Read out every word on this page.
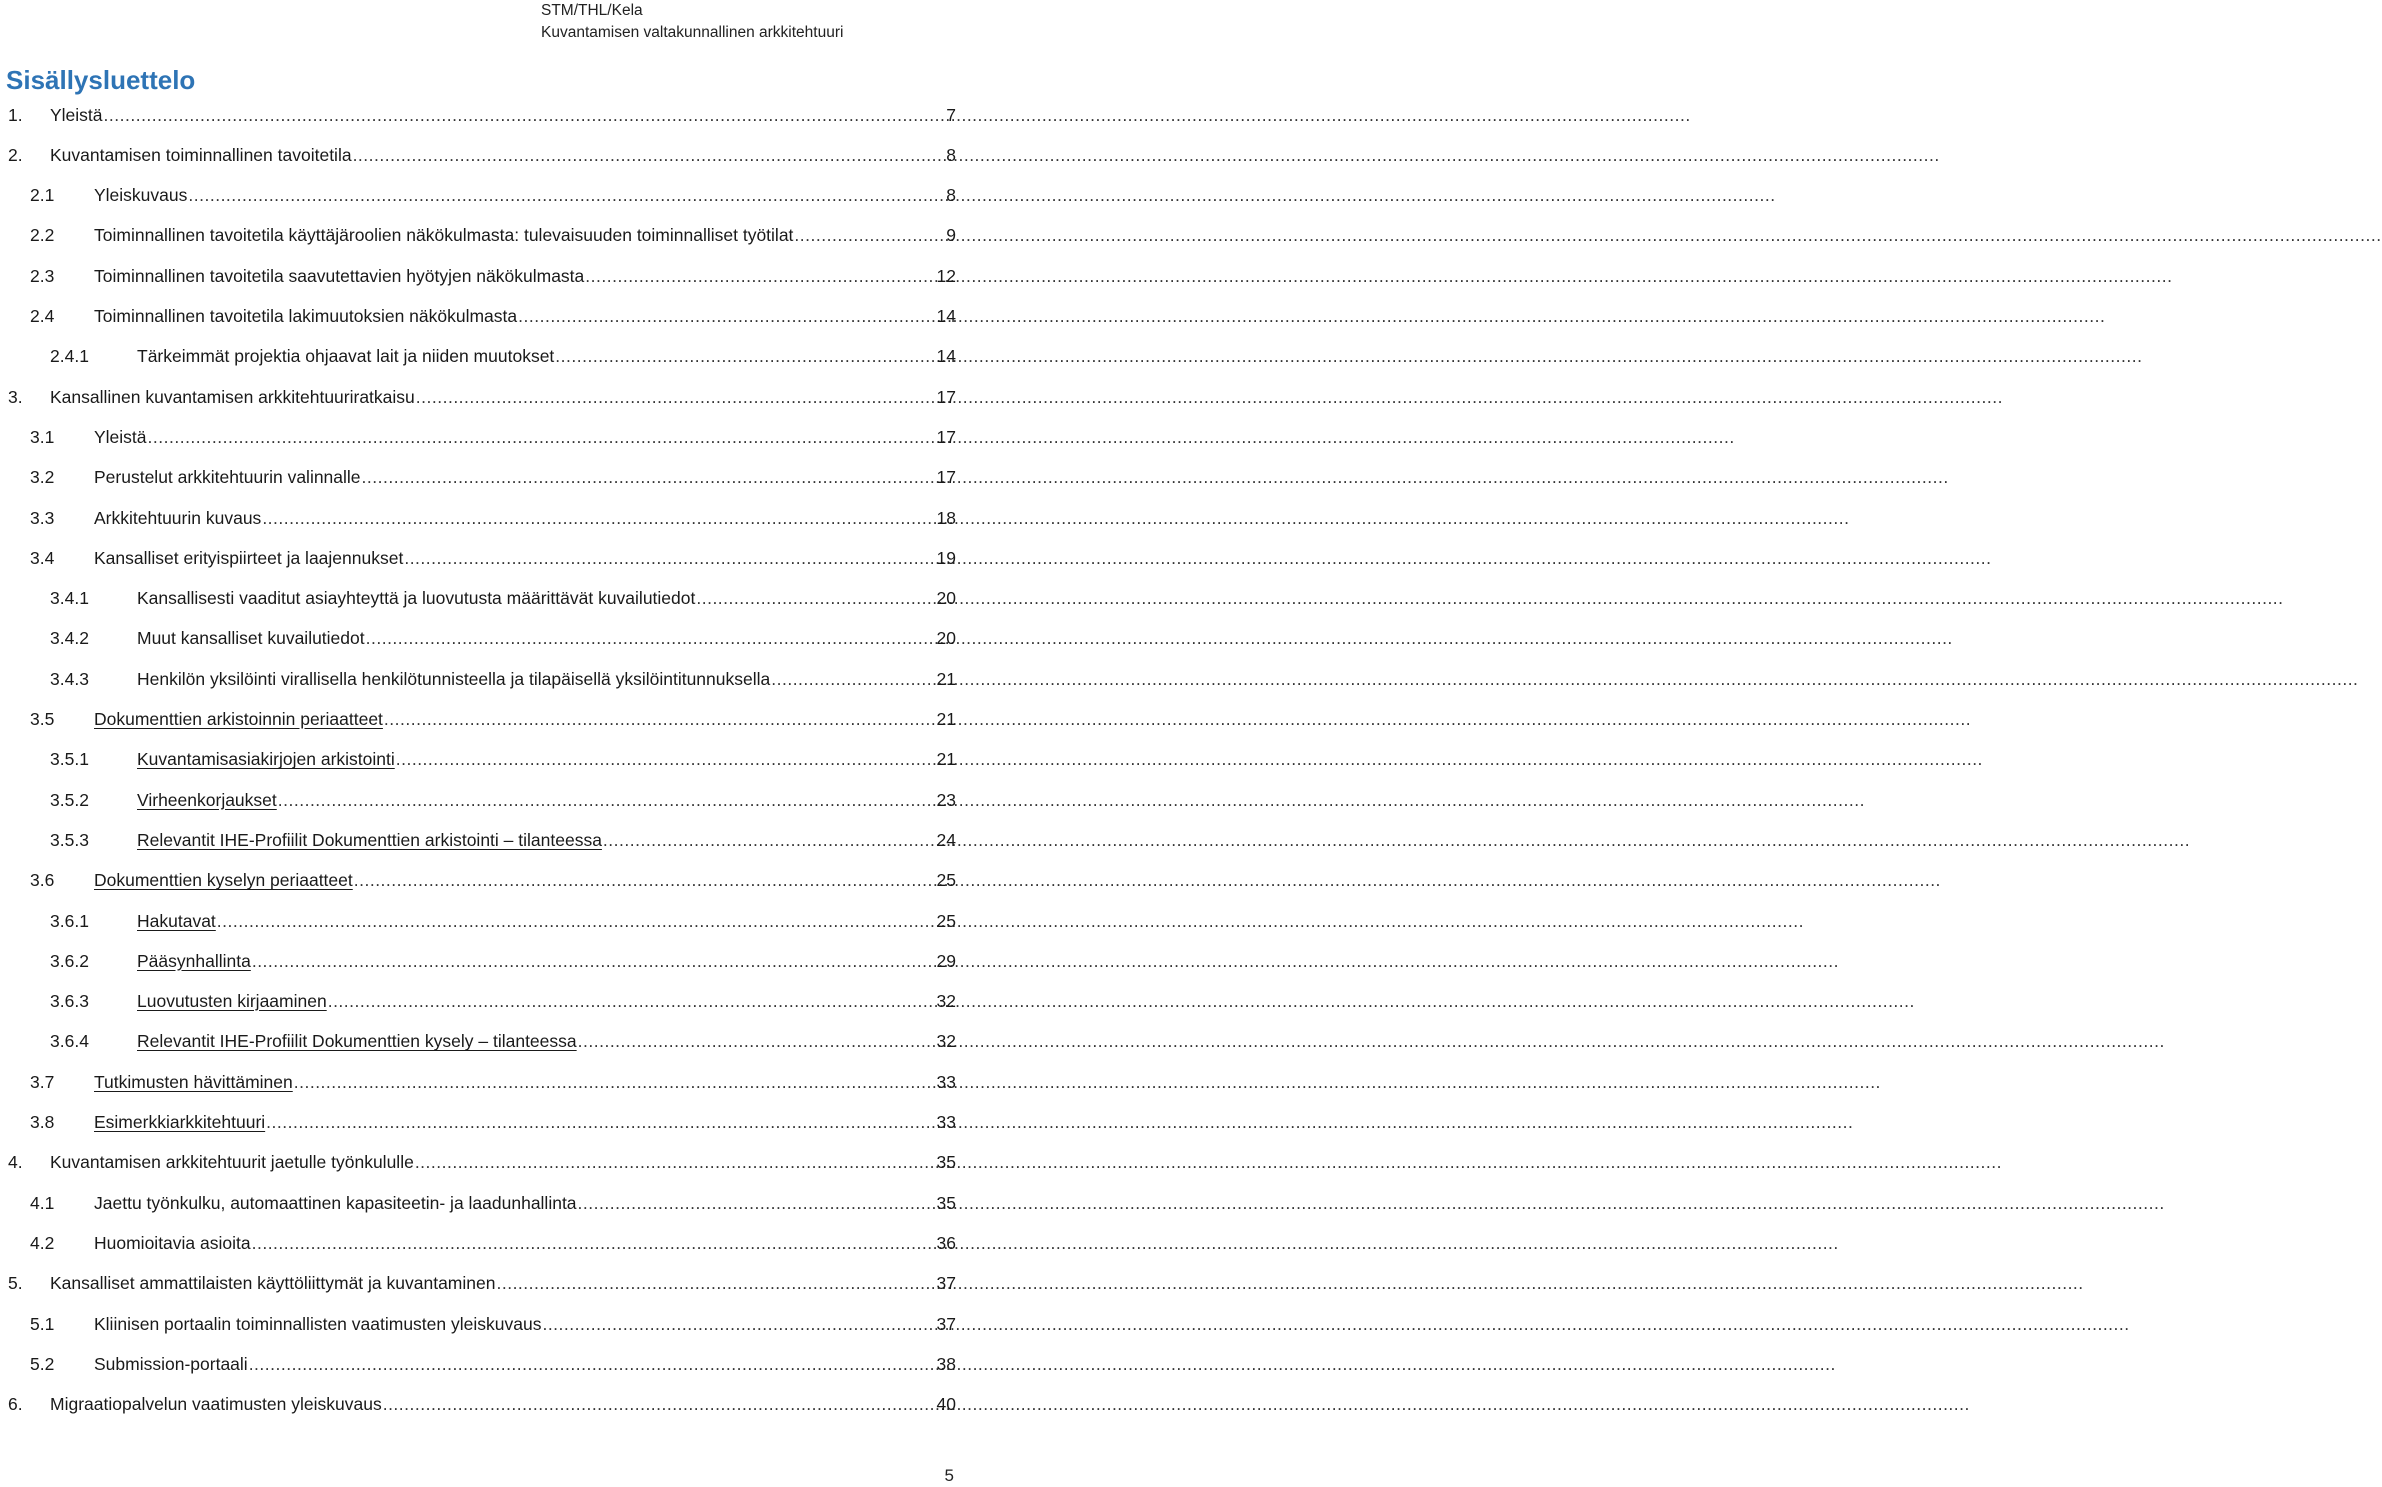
STM/THL/Kela
Kuvantamisen valtakunnallinen arkkitehtuuri
Sisällysluettelo
1.	Yleistä .....	7
2.	Kuvantamisen toiminnallinen tavoitetila .....	8
2.1	Yleiskuvaus .....	8
2.2	Toiminnallinen tavoitetila käyttäjäroolien näkökulmasta: tulevaisuuden toiminnalliset työtilat .....	9
2.3	Toiminnallinen tavoitetila saavutettavien hyötyjen näkökulmasta .....	12
2.4	Toiminnallinen tavoitetila lakimuutoksien näkökulmasta .....	14
2.4.1	Tärkeimmät projektia ohjaavat lait ja niiden muutokset .....	14
3.	Kansallinen kuvantamisen arkkitehtuuriratkaisu .....	17
3.1	Yleistä .....	17
3.2	Perustelut arkkitehtuurin valinnalle .....	17
3.3	Arkkitehtuurin kuvaus .....	18
3.4	Kansalliset erityispiirteet ja laajennukset .....	19
3.4.1	Kansallisesti vaaditut asiayhteyttä ja luovutusta määrittävät kuvailutiedot .....	20
3.4.2	Muut kansalliset kuvailutiedot .....	20
3.4.3	Henkilön yksilöinti virallisella henkilötunnisteella ja tilapäisellä yksilöintitunnuksella .....	21
3.5	Dokumenttien arkistoinnin periaatteet .....	21
3.5.1	Kuvantamisasiakirjojen arkistointi .....	21
3.5.2	Virheenkorjaukset .....	23
3.5.3	Relevantit IHE-Profiilit Dokumenttien arkistointi – tilanteessa .....	24
3.6	Dokumenttien kyselyn periaatteet .....	25
3.6.1	Hakutavat .....	25
3.6.2	Pääsynhallinta .....	29
3.6.3	Luovutusten kirjaaminen .....	32
3.6.4	Relevantit IHE-Profiilit Dokumenttien kysely – tilanteessa .....	32
3.7	Tutkimusten hävittäminen .....	33
3.8	Esimerkkiarkkitehtuuri .....	33
4.	Kuvantamisen arkkitehtuurit jaetulle työnkululle .....	35
4.1	Jaettu työnkulku, automaattinen kapasiteetin- ja laadunhallinta .....	35
4.2	Huomioitavia asioita .....	36
5.	Kansalliset ammattilaisten käyttöliittymät ja kuvantaminen .....	37
5.1	Kliinisen portaalin toiminnallisten vaatimusten yleiskuvaus .....	37
5.2	Submission-portaali .....	38
6.	Migraatiopalvelun vaatimusten yleiskuvaus .....	40
5
